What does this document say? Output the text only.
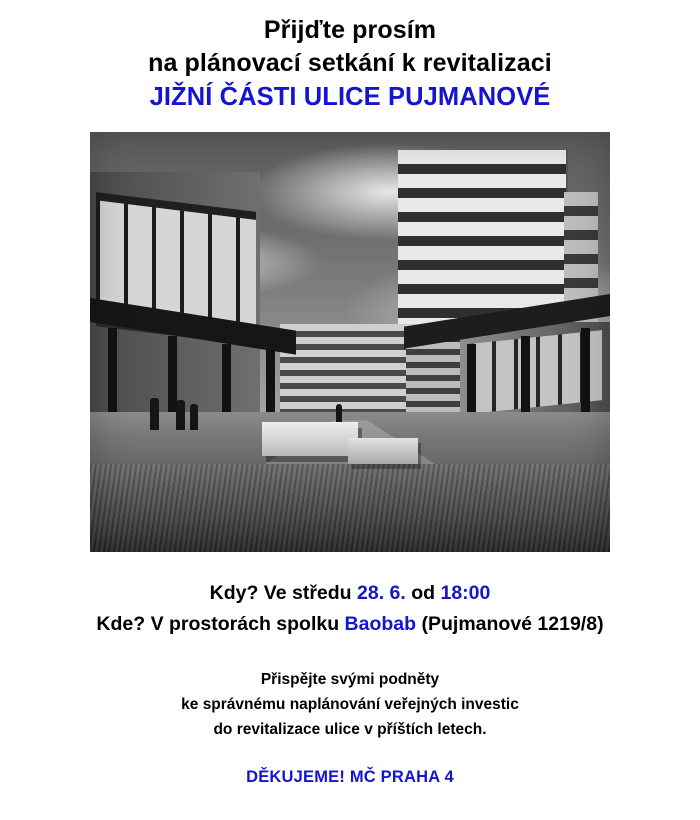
Přijďte prosím
na plánovací setkání k revitalizaci
JIŽNÍ ČÁSTI ULICE PUJMANOVÉ
Kdy? Ve středu 28. 6. od 18:00
Kde? V prostorách spolku Baobab (Pujmanové 1219/8)
Přispějte svými podněty
ke správnému naplánování veřejných investic
do revitalizace ulice v příštích letech.
DĚKUJEME! MČ PRAHA 4
